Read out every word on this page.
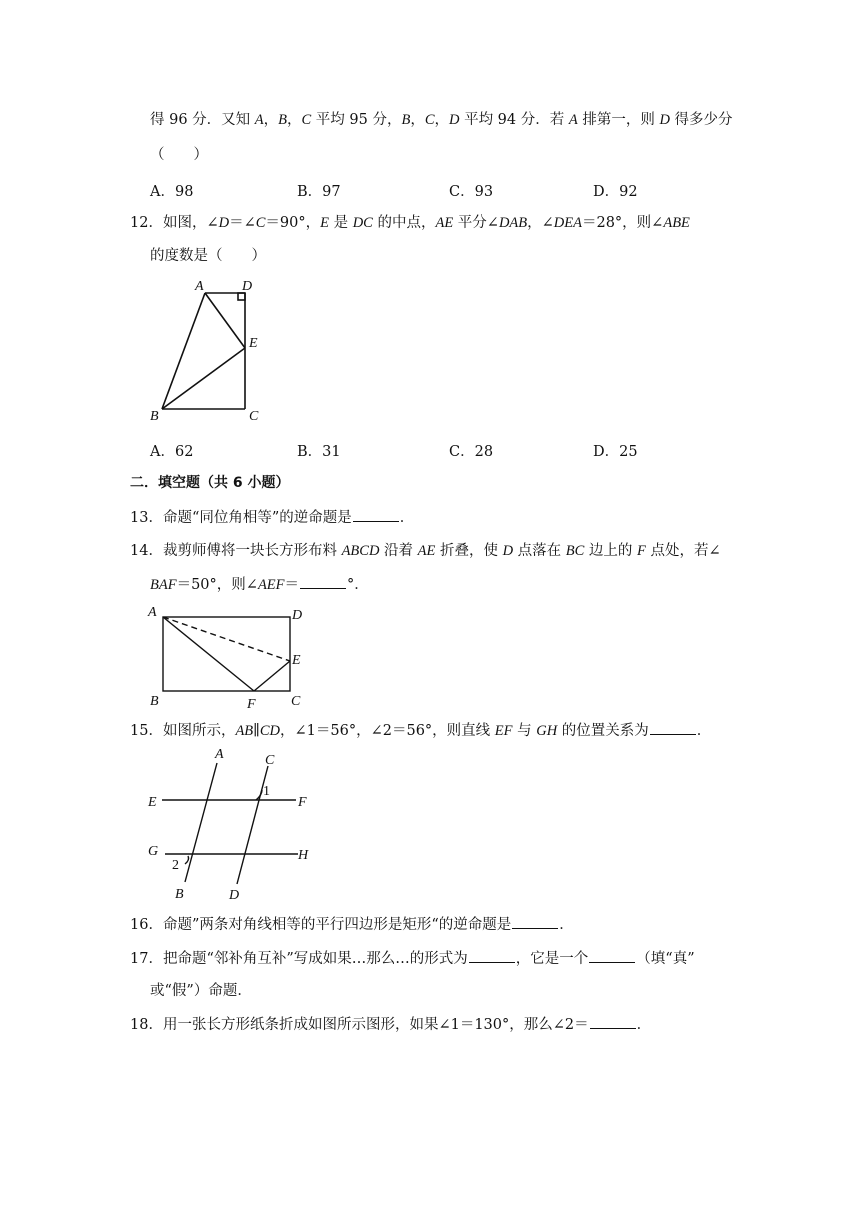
得 96 分．又知 A，B，C 平均 95 分，B，C，D 平均 94 分．若 A 排第一，则 D 得多少分
（　　）
A．98	B．97	C．93	D．92
12．如图，∠D＝∠C＝90°，E 是 DC 的中点，AE 平分∠DAB，∠DEA＝28°，则∠ABE
的度数是（　　）
A	D
E
B	C
A．62	B．31	C．28	D．25
二．填空题（共 6 小题）
13．命题“同位角相等”的逆命题是	．
14．裁剪师傅将一块长方形布料 ABCD 沿着 AE 折叠，使 D 点落在 BC 边上的 F 点处，若∠
BAF＝50°，则∠AEF＝	°．
A	D
E
B	F	C
15．如图所示，AB∥CD，∠1＝56°，∠2＝56°，则直线 EF 与 GH 的位置关系为	．
A	C
E	F
G	H
B	D
1
2
16．命题”两条对角线相等的平行四边形是矩形“的逆命题是	．
17．把命题“邻补角互补”写成如果…那么…的形式为	，它是一个	（填“真”
或“假”）命题．
18．用一张长方形纸条折成如图所示图形，如果∠1＝130°，那么∠2＝	．
